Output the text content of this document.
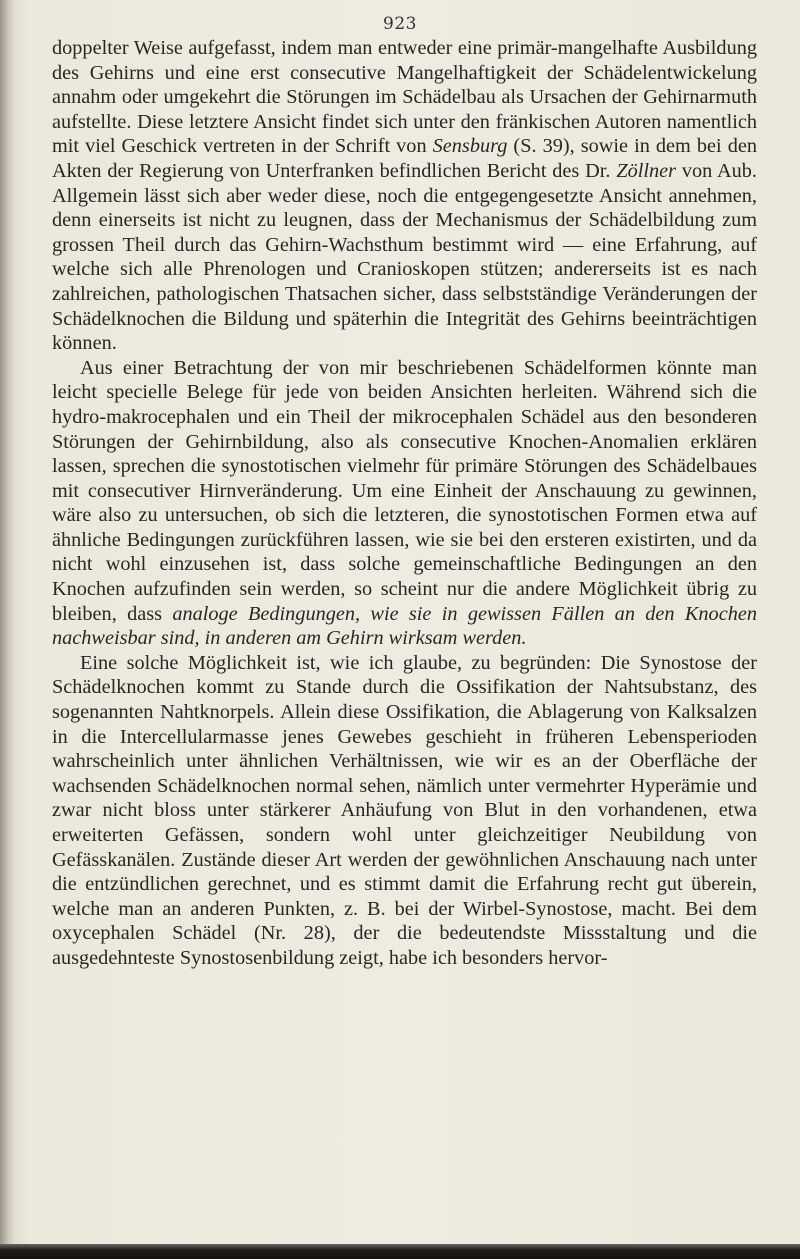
923

doppelter Weise aufgefasst, indem man entweder eine primär-mangelhafte Ausbildung des Gehirns und eine erst consecutive Mangelhaftigkeit der Schädelentwickelung annahm oder umgekehrt die Störungen im Schädelbau als Ursachen der Gehirnarmuth aufstellte. Diese letztere Ansicht findet sich unter den fränkischen Autoren namentlich mit viel Geschick vertreten in der Schrift von Sensburg (S. 39), sowie in dem bei den Akten der Regierung von Unterfranken befindlichen Bericht des Dr. Zöllner von Aub. Allgemein lässt sich aber weder diese, noch die entgegengesetzte Ansicht annehmen, denn einerseits ist nicht zu leugnen, dass der Mechanismus der Schädelbildung zum grossen Theil durch das Gehirn-Wachsthum bestimmt wird — eine Erfahrung, auf welche sich alle Phrenologen und Cranioskopen stützen; andererseits ist es nach zahlreichen, pathologischen Thatsachen sicher, dass selbstständige Veränderungen der Schädelknochen die Bildung und späterhin die Integrität des Gehirns beeinträchtigen können.

Aus einer Betrachtung der von mir beschriebenen Schädelformen könnte man leicht specielle Belege für jede von beiden Ansichten herleiten. Während sich die hydro-makrocephalen und ein Theil der mikrocephalen Schädel aus den besonderen Störungen der Gehirnbildung, also als consecutive Knochen-Anomalien erklären lassen, sprechen die synostotischen vielmehr für primäre Störungen des Schädelbaues mit consecutiver Hirnveränderung. Um eine Einheit der Anschauung zu gewinnen, wäre also zu untersuchen, ob sich die letzteren, die synostotischen Formen etwa auf ähnliche Bedingungen zurückführen lassen, wie sie bei den ersteren existirten, und da nicht wohl einzusehen ist, dass solche gemeinschaftliche Bedingungen an den Knochen aufzufinden sein werden, so scheint nur die andere Möglichkeit übrig zu bleiben, dass analoge Bedingungen, wie sie in gewissen Fällen an den Knochen nachweisbar sind, in anderen am Gehirn wirksam werden.

Eine solche Möglichkeit ist, wie ich glaube, zu begründen: Die Synostose der Schädelknochen kommt zu Stande durch die Ossifikation der Nahtsubstanz, des sogenannten Nahtknorpels. Allein diese Ossifikation, die Ablagerung von Kalksalzen in die Intercellularmasse jenes Gewebes geschieht in früheren Lebensperioden wahrscheinlich unter ähnlichen Verhältnissen, wie wir es an der Oberfläche der wachsenden Schädelknochen normal sehen, nämlich unter vermehrter Hyperämie und zwar nicht bloss unter stärkerer Anhäufung von Blut in den vorhandenen, etwa erweiterten Gefässen, sondern wohl unter gleichzeitiger Neubildung von Gefässkanälen. Zustände dieser Art werden der gewöhnlichen Anschauung nach unter die entzündlichen gerechnet, und es stimmt damit die Erfahrung recht gut überein, welche man an anderen Punkten, z. B. bei der Wirbel-Synostose, macht. Bei dem oxycephalen Schädel (Nr. 28), der die bedeutendste Missstaltung und die ausgedehnteste Synostosenbildung zeigt, habe ich besonders hervor-
